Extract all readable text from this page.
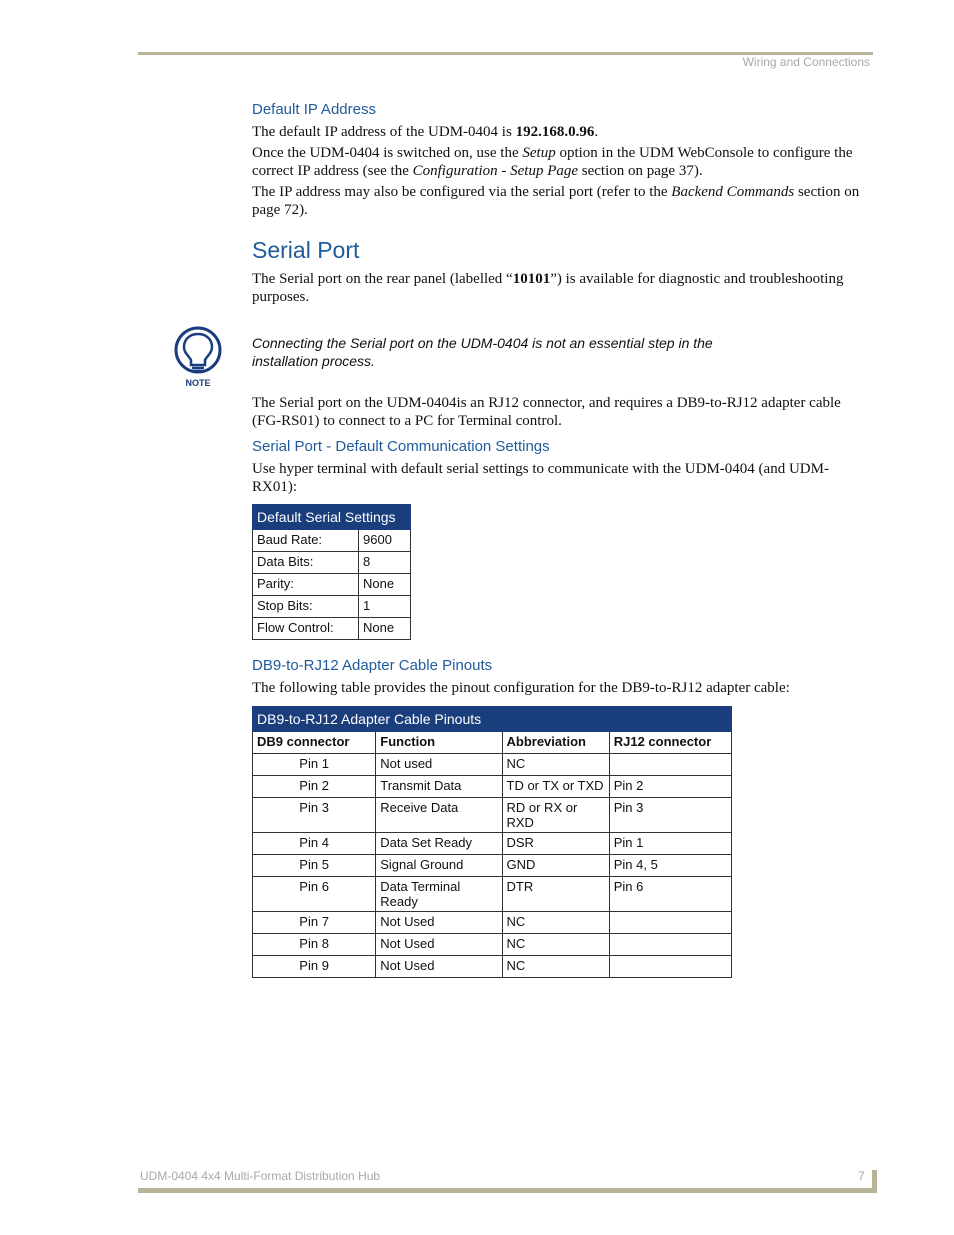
Wiring and Connections
Default IP Address

The default IP address of the UDM-0404 is 192.168.0.96.

Once the UDM-0404 is switched on, use the Setup option in the UDM WebConsole to configure the correct IP address (see the Configuration - Setup Page section on page 37).

The IP address may also be configured via the serial port (refer to the Backend Commands section on page 72).

Serial Port

The Serial port on the rear panel (labelled “10101”) is available for diagnostic and troubleshooting purposes.

NOTE

Connecting the Serial port on the UDM-0404 is not an essential step in the installation process.

The Serial port on the UDM-0404is an RJ12 connector, and requires a DB9-to-RJ12 adapter cable (FG-RS01) to connect to a PC for Terminal control.

Serial Port - Default Communication Settings

Use hyper terminal with default serial settings to communicate with the UDM-0404 (and UDM-RX01):

Default Serial Settings	
Baud Rate:	9600
Data Bits:	8
Parity:	None
Stop Bits:	1
Flow Control:	None
DB9-to-RJ12 Adapter Cable Pinouts

The following table provides the pinout configuration for the DB9-to-RJ12 adapter cable:

DB9-to-RJ12 Adapter Cable Pinouts			
DB9 connector	Function	Abbreviation	RJ12 connector
Pin 1	Not used	NC	
Pin 2	Transmit Data	TD or TX or TXD	Pin 2
Pin 3	Receive Data	RD or RX or RXD	Pin 3
Pin 4	Data Set Ready	DSR	Pin 1
Pin 5	Signal Ground	GND	Pin 4, 5
Pin 6	Data Terminal Ready	DTR	Pin 6
Pin 7	Not Used	NC	
Pin 8	Not Used	NC	
Pin 9	Not Used	NC	
UDM-0404 4x4 Multi-Format Distribution Hub	7
